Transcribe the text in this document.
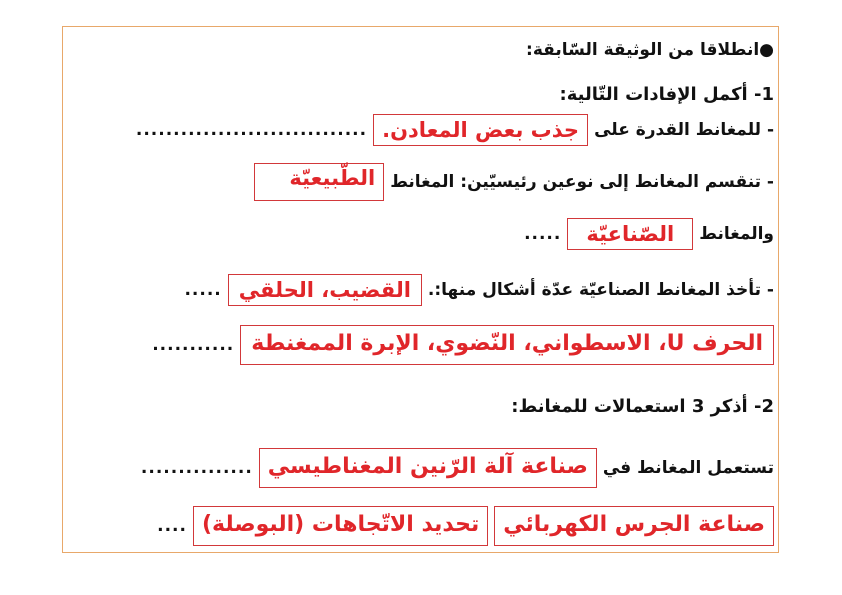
●انطلاقا من الوثيقة السّابقة:
1- أكمل الإفادات التّالية:
- للمغانط القدرة على
جذب بعض المعادن.
...............................
- تنقسم المغانط إلى نوعين رئيسيّين: المغانط
الطّبيعيّة
والمغانط
الصّناعيّة
.....
- تأخذ المغانط الصناعيّة عدّة أشكال منها:.
القضيب، الحلقي
.....
الحرف U، الاسطواني، النّضوي، الإبرة الممغنطة
...........
2- أذكر 3 استعمالات للمغانط:
تستعمل المغانط في
صناعة آلة الرّنين المغناطيسي
...............
صناعة الجرس الكهربائي
تحديد الاتّجاهات (البوصلة)
....
